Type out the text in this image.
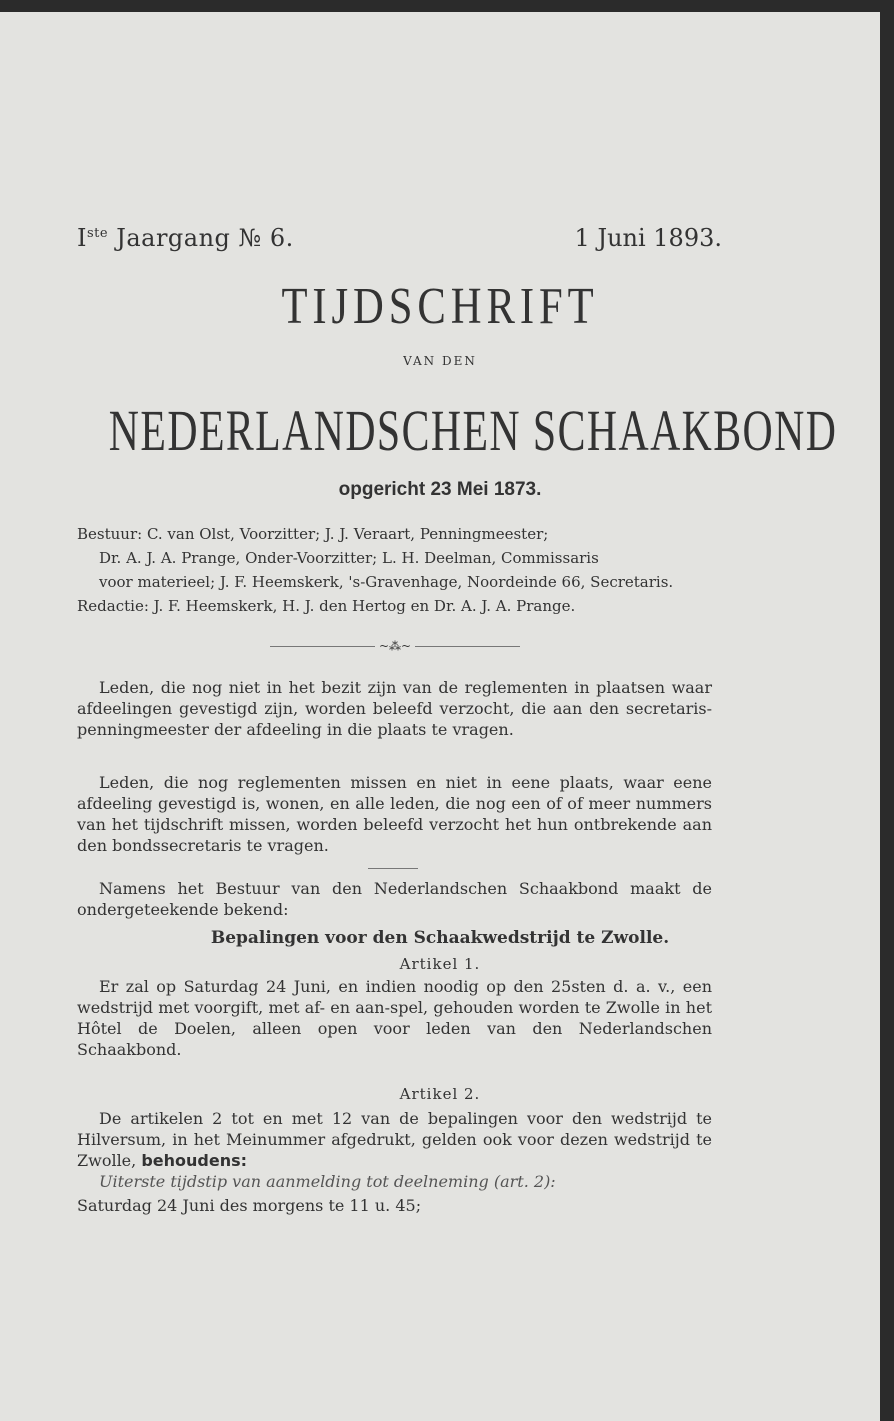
Iste Jaargang № 6.	1 Juni 1893.
TIJDSCHRIFT
VAN DEN
NEDERLANDSCHEN SCHAAKBOND
opgericht 23 Mei 1873.
Bestuur: C. van Olst, Voorzitter; J. J. Veraart, Penningmeester;
Dr. A. J. A. Prange, Onder-Voorzitter; L. H. Deelman, Commissaris
voor materieel; J. F. Heemskerk, 's-Gravenhage, Noordeinde 66, Secretaris.
Redactie: J. F. Heemskerk, H. J. den Hertog en Dr. A. J. A. Prange.
~⁂~
Leden, die nog niet in het bezit zijn van de reglementen in plaatsen waar afdeelingen gevestigd zijn, worden beleefd verzocht, die aan den secretaris-penningmeester der afdeeling in die plaats te vragen.
Leden, die nog reglementen missen en niet in eene plaats, waar eene afdeeling gevestigd is, wonen, en alle leden, die nog een of of meer nummers van het tijdschrift missen, worden beleefd verzocht het hun ontbrekende aan den bondssecretaris te vragen.
Namens het Bestuur van den Nederlandschen Schaakbond maakt de ondergeteekende bekend:
Bepalingen voor den Schaakwedstrijd te Zwolle.
Artikel 1.
Er zal op Saturdag 24 Juni, en indien noodig op den 25sten d. a. v., een wedstrijd met voorgift, met af- en aan-spel, gehouden worden te Zwolle in het Hôtel de Doelen, alleen open voor leden van den Nederlandschen Schaakbond.
Artikel 2.
De artikelen 2 tot en met 12 van de bepalingen voor den wedstrijd te Hilversum, in het Meinummer afgedrukt, gelden ook voor dezen wedstrijd te Zwolle, behoudens:
Uiterste tijdstip van aanmelding tot deelneming (art. 2):
Saturdag 24 Juni des morgens te 11 u. 45;
